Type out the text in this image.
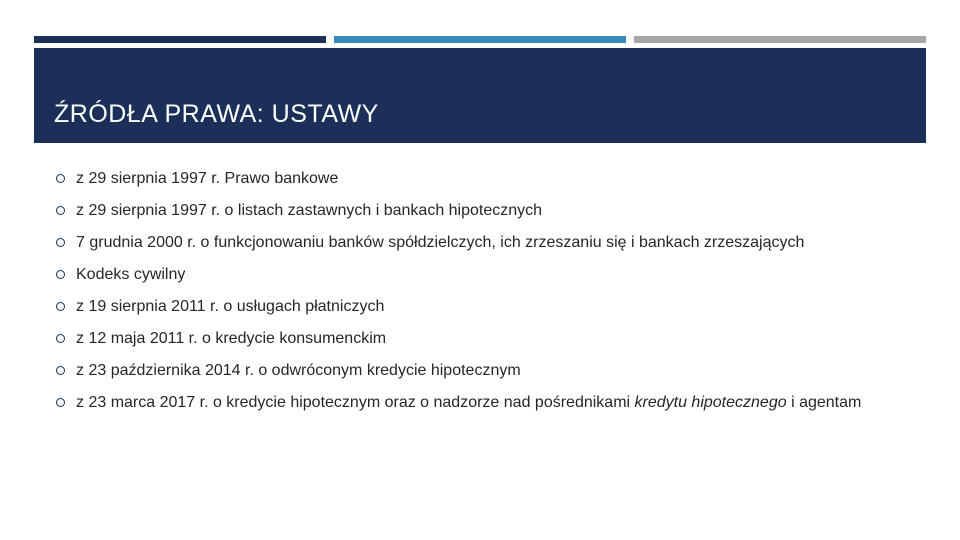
ŹRÓDŁA PRAWA: USTAWY
z 29 sierpnia 1997 r. Prawo bankowe
z 29 sierpnia 1997 r. o listach zastawnych i bankach hipotecznych
7 grudnia 2000 r. o funkcjonowaniu banków spółdzielczych, ich zrzeszaniu się i bankach zrzeszających
Kodeks cywilny
z 19 sierpnia 2011 r. o usługach płatniczych
z 12 maja 2011 r. o kredycie konsumenckim
z 23 października 2014 r. o odwróconym kredycie hipotecznym
z 23 marca 2017 r. o kredycie hipotecznym oraz o nadzorze nad pośrednikami kredytu hipotecznego i agentam
